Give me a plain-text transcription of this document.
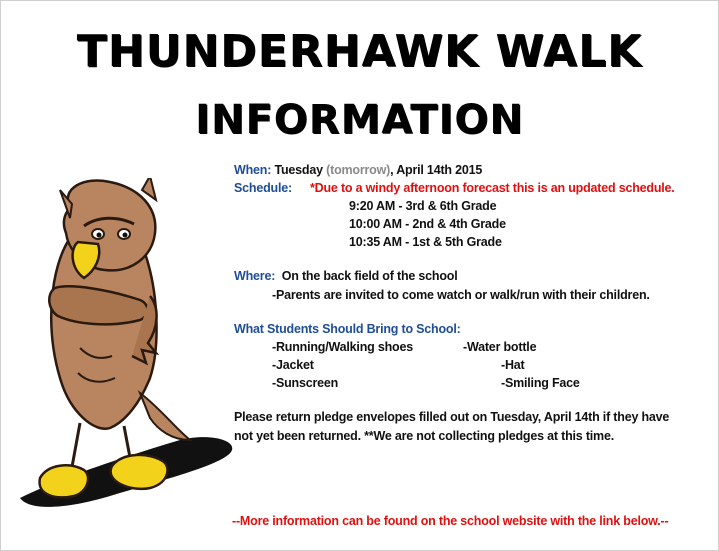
THUNDERHAWK WALK
INFORMATION
When: Tuesday (tomorrow), April 14th 2015
Schedule: *Due to a windy afternoon forecast this is an updated schedule.
9:20 AM - 3rd & 6th Grade
10:00 AM - 2nd & 4th Grade
10:35 AM - 1st & 5th Grade
Where: On the back field of the school
-Parents are invited to come watch or walk/run with their children.
What Students Should Bring to School:
-Running/Walking shoes	-Water bottle
-Jacket	-Hat
-Sunscreen	-Smiling Face
Please return pledge envelopes filled out on Tuesday, April 14th if they have
not yet been returned. **We are not collecting pledges at this time.
--More information can be found on the school website with the link below.--
